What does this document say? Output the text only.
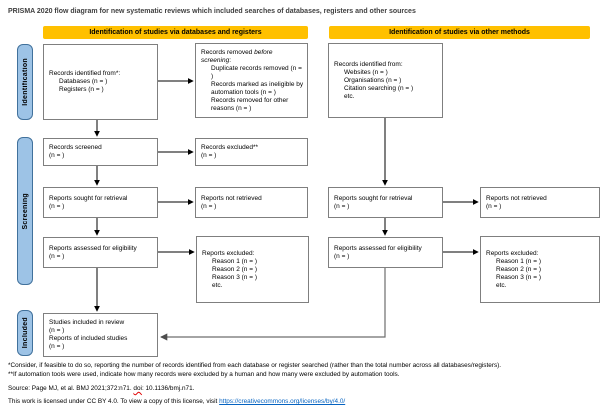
PRISMA 2020 flow diagram for new systematic reviews which included searches of databases, registers and other sources
Identification of studies via databases and registers	Identification of studies via other methods
Identification
Screening
Included
Records identified from*:
Databases (n = )
Registers (n = )
Records removed before screening:
Duplicate records removed (n = )
Records marked as ineligible by automation tools (n = )
Records removed for other reasons (n = )
Records screened
(n = )
Records excluded**
(n = )
Reports sought for retrieval
(n = )
Reports not retrieved
(n = )
Reports assessed for eligibility
(n = )	Reports excluded:
Reason 1 (n = )
Reason 2 (n = )
Reason 3 (n = )
etc.
Studies included in review
(n = )
Reports of included studies
(n = )
Records identified from:
Websites (n = )
Organisations (n = )
Citation searching (n = )
etc.
Reports sought for retrieval
(n = )
Reports not retrieved
(n = )
Reports assessed for eligibility
(n = )	Reports excluded:
Reason 1 (n = )
Reason 2 (n = )
Reason 3 (n = )
etc.
*Consider, if feasible to do so, reporting the number of records identified from each database or register searched (rather than the total number across all databases/registers).
**If automation tools were used, indicate how many records were excluded by a human and how many were excluded by automation tools.
Source: Page MJ, et al. BMJ 2021;372:n71. doi: 10.1136/bmj.n71.
This work is licensed under CC BY 4.0. To view a copy of this license, visit https://creativecommons.org/licenses/by/4.0/
